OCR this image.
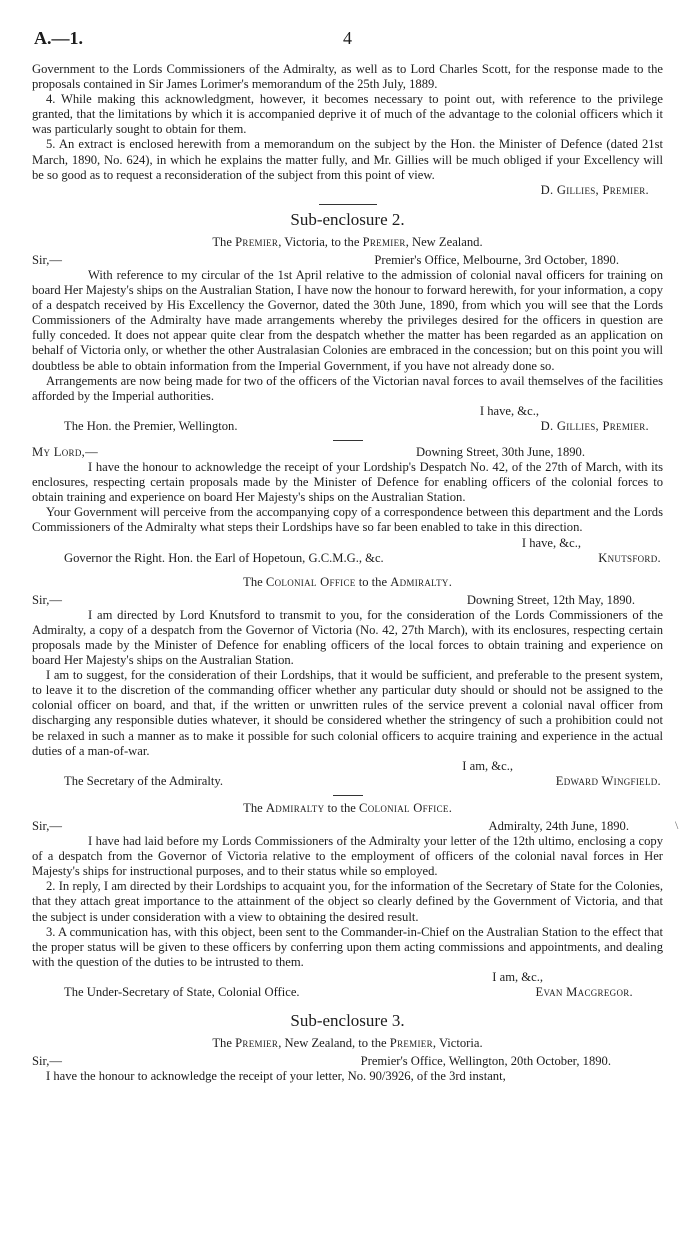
A.—1.	4

Government to the Lords Commissioners of the Admiralty, as well as to Lord Charles Scott, for the response made to the proposals contained in Sir James Lorimer's memorandum of the 25th July, 1889.

4. While making this acknowledgment, however, it becomes necessary to point out, with reference to the privilege granted, that the limitations by which it is accompanied deprive it of much of the advantage to the colonial officers which it was particularly sought to obtain for them.

5. An extract is enclosed herewith from a memorandum on the subject by the Hon. the Minister of Defence (dated 21st March, 1890, No. 624), in which he explains the matter fully, and Mr. Gillies will be much obliged if your Excellency will be so good as to request a reconsideration of the subject from this point of view.

D. Gillies, Premier.
Sub-enclosure 2.
The Premier, Victoria, to the Premier, New Zealand.
Sir,—	Premier's Office, Melbourne, 3rd October, 1890.

With reference to my circular of the 1st April relative to the admission of colonial naval officers for training on board Her Majesty's ships on the Australian Station, I have now the honour to forward herewith, for your information, a copy of a despatch received by His Excellency the Governor, dated the 30th June, 1890, from which you will see that the Lords Commissioners of the Admiralty have made arrangements whereby the privileges desired for the officers in question are fully conceded. It does not appear quite clear from the despatch whether the matter has been regarded as an application on behalf of Victoria only, or whether the other Australasian Colonies are embraced in the concession; but on this point you will doubtless be able to obtain information from the Imperial Government, if you have not already done so.

Arrangements are now being made for two of the officers of the Victorian naval forces to avail themselves of the facilities afforded by the Imperial authorities.

I have, &c.,
The Hon. the Premier, Wellington.	D. Gillies, Premier.
My Lord,—	Downing Street, 30th June, 1890.

I have the honour to acknowledge the receipt of your Lordship's Despatch No. 42, of the 27th of March, with its enclosures, respecting certain proposals made by the Minister of Defence for enabling officers of the colonial forces to obtain training and experience on board Her Majesty's ships on the Australian Station.

Your Government will perceive from the accompanying copy of a correspondence between this department and the Lords Commissioners of the Admiralty what steps their Lordships have so far been enabled to take in this direction.

I have, &c.,
Governor the Right. Hon. the Earl of Hopetoun, G.C.M.G., &c.	Knutsford.
The Colonial Office to the Admiralty.
Sir,—	Downing Street, 12th May, 1890.

I am directed by Lord Knutsford to transmit to you, for the consideration of the Lords Commissioners of the Admiralty, a copy of a despatch from the Governor of Victoria (No. 42, 27th March), with its enclosures, respecting certain proposals made by the Minister of Defence for enabling officers of the local forces to obtain training and experience on board Her Majesty's ships on the Australian Station.

I am to suggest, for the consideration of their Lordships, that it would be sufficient, and preferable to the present system, to leave it to the discretion of the commanding officer whether any particular duty should or should not be assigned to the colonial officer on board, and that, if the written or unwritten rules of the service prevent a colonial naval officer from discharging any responsible duties whatever, it should be considered whether the stringency of such a prohibition could not be relaxed in such a manner as to make it possible for such colonial officers to acquire training and experience in the actual duties of a man-of-war.

I am, &c.,
The Secretary of the Admiralty.	Edward Wingfield.
The Admiralty to the Colonial Office.
Sir,—	Admiralty, 24th June, 1890.

I have had laid before my Lords Commissioners of the Admiralty your letter of the 12th ultimo, enclosing a copy of a despatch from the Governor of Victoria relative to the employment of officers of the colonial naval forces in Her Majesty's ships for instructional purposes, and to their status while so employed.

2. In reply, I am directed by their Lordships to acquaint you, for the information of the Secretary of State for the Colonies, that they attach great importance to the attainment of the object so clearly defined by the Government of Victoria, and that the subject is under consideration with a view to obtaining the desired result.

3. A communication has, with this object, been sent to the Commander-in-Chief on the Australian Station to the effect that the proper status will be given to these officers by conferring upon them acting commissions and appointments, and dealing with the question of the duties to be intrusted to them.

I am, &c.,
The Under-Secretary of State, Colonial Office.	Evan Macgregor.
Sub-enclosure 3.
The Premier, New Zealand, to the Premier, Victoria.
Sir,—	Premier's Office, Wellington, 20th October, 1890.

I have the honour to acknowledge the receipt of your letter, No. 90/3926, of the 3rd instant,

\
